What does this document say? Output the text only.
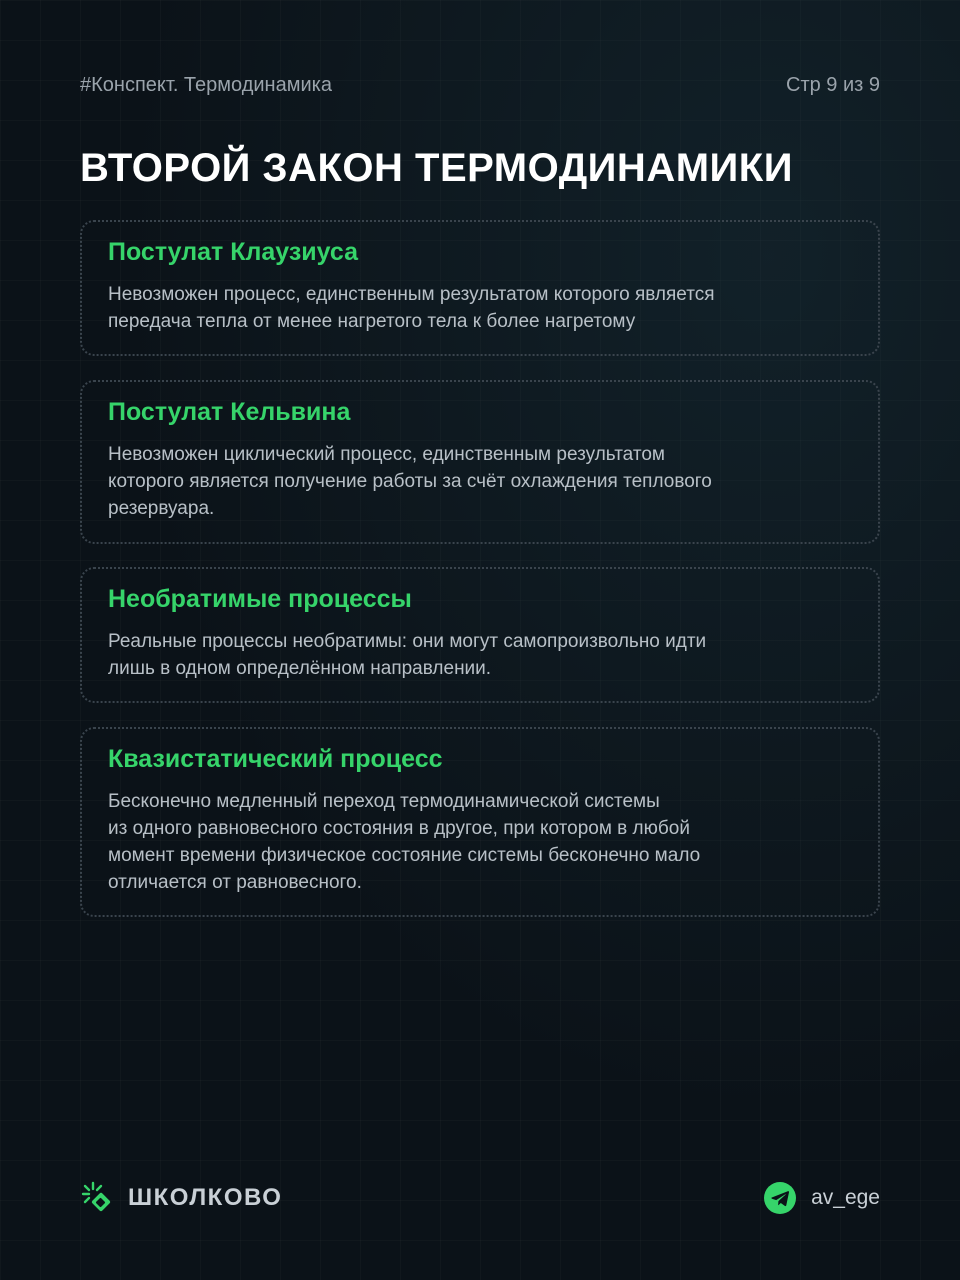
#Конспект. Термодинамика	Стр 9 из 9
ВТОРОЙ ЗАКОН ТЕРМОДИНАМИКИ
Постулат Клаузиуса

Невозможен процесс, единственным результатом которого является
передача тепла от менее нагретого тела к более нагретому

Постулат Кельвина

Невозможен циклический процесс, единственным результатом
которого является получение работы за счёт охлаждения теплового
резервуара.

Необратимые процессы

Реальные процессы необратимы: они могут самопроизвольно идти
лишь в одном определённом направлении.

Квазистатический процесс

Бесконечно медленный переход термодинамической системы
из одного равновесного состояния в другое, при котором в любой
момент времени физическое состояние системы бесконечно мало
отличается от равновесного.

ШКОЛКОВО	av_ege
